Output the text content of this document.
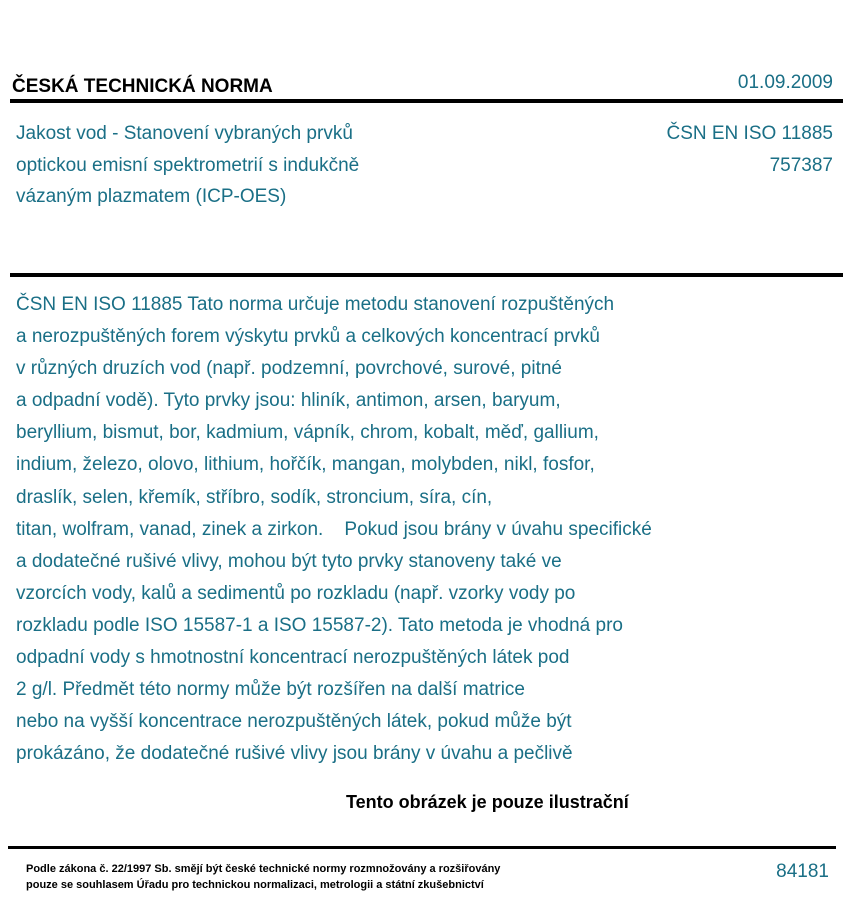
ČESKÁ TECHNICKÁ NORMA	01.09.2009
Jakost vod - Stanovení vybraných prvků
optickou emisní spektrometrií s indukčně
vázaným plazmatem (ICP-OES)
ČSN EN ISO 11885
757387
ČSN EN ISO 11885 Tato norma určuje metodu stanovení rozpuštěných
a nerozpuštěných forem výskytu prvků a celkových koncentrací prvků
v různých druzích vod (např. podzemní, povrchové, surové, pitné
a odpadní vodě). Tyto prvky jsou: hliník, antimon, arsen, baryum,
beryllium, bismut, bor, kadmium, vápník, chrom, kobalt, měď, gallium,
indium, železo, olovo, lithium, hořčík, mangan, molybden, nikl, fosfor,
draslík, selen, křemík, stříbro, sodík, stroncium, síra, cín,
titan, wolfram, vanad, zinek a zirkon.    Pokud jsou brány v úvahu specifické
a dodatečné rušivé vlivy, mohou být tyto prvky stanoveny také ve
vzorcích vody, kalů a sedimentů po rozkladu (např. vzorky vody po
rozkladu podle ISO 15587-1 a ISO 15587-2). Tato metoda je vhodná pro
odpadní vody s hmotnostní koncentrací nerozpuštěných látek pod
2 g/l. Předmět této normy může být rozšířen na další matrice
nebo na vyšší koncentrace nerozpuštěných látek, pokud může být
prokázáno, že dodatečné rušivé vlivy jsou brány v úvahu a pečlivě
Tento obrázek je pouze ilustrační
Podle zákona č. 22/1997 Sb. smějí být české technické normy rozmnožovány a rozšiřovány
pouze se souhlasem Úřadu pro technickou normalizaci, metrologii a státní zkušebnictví
84181
